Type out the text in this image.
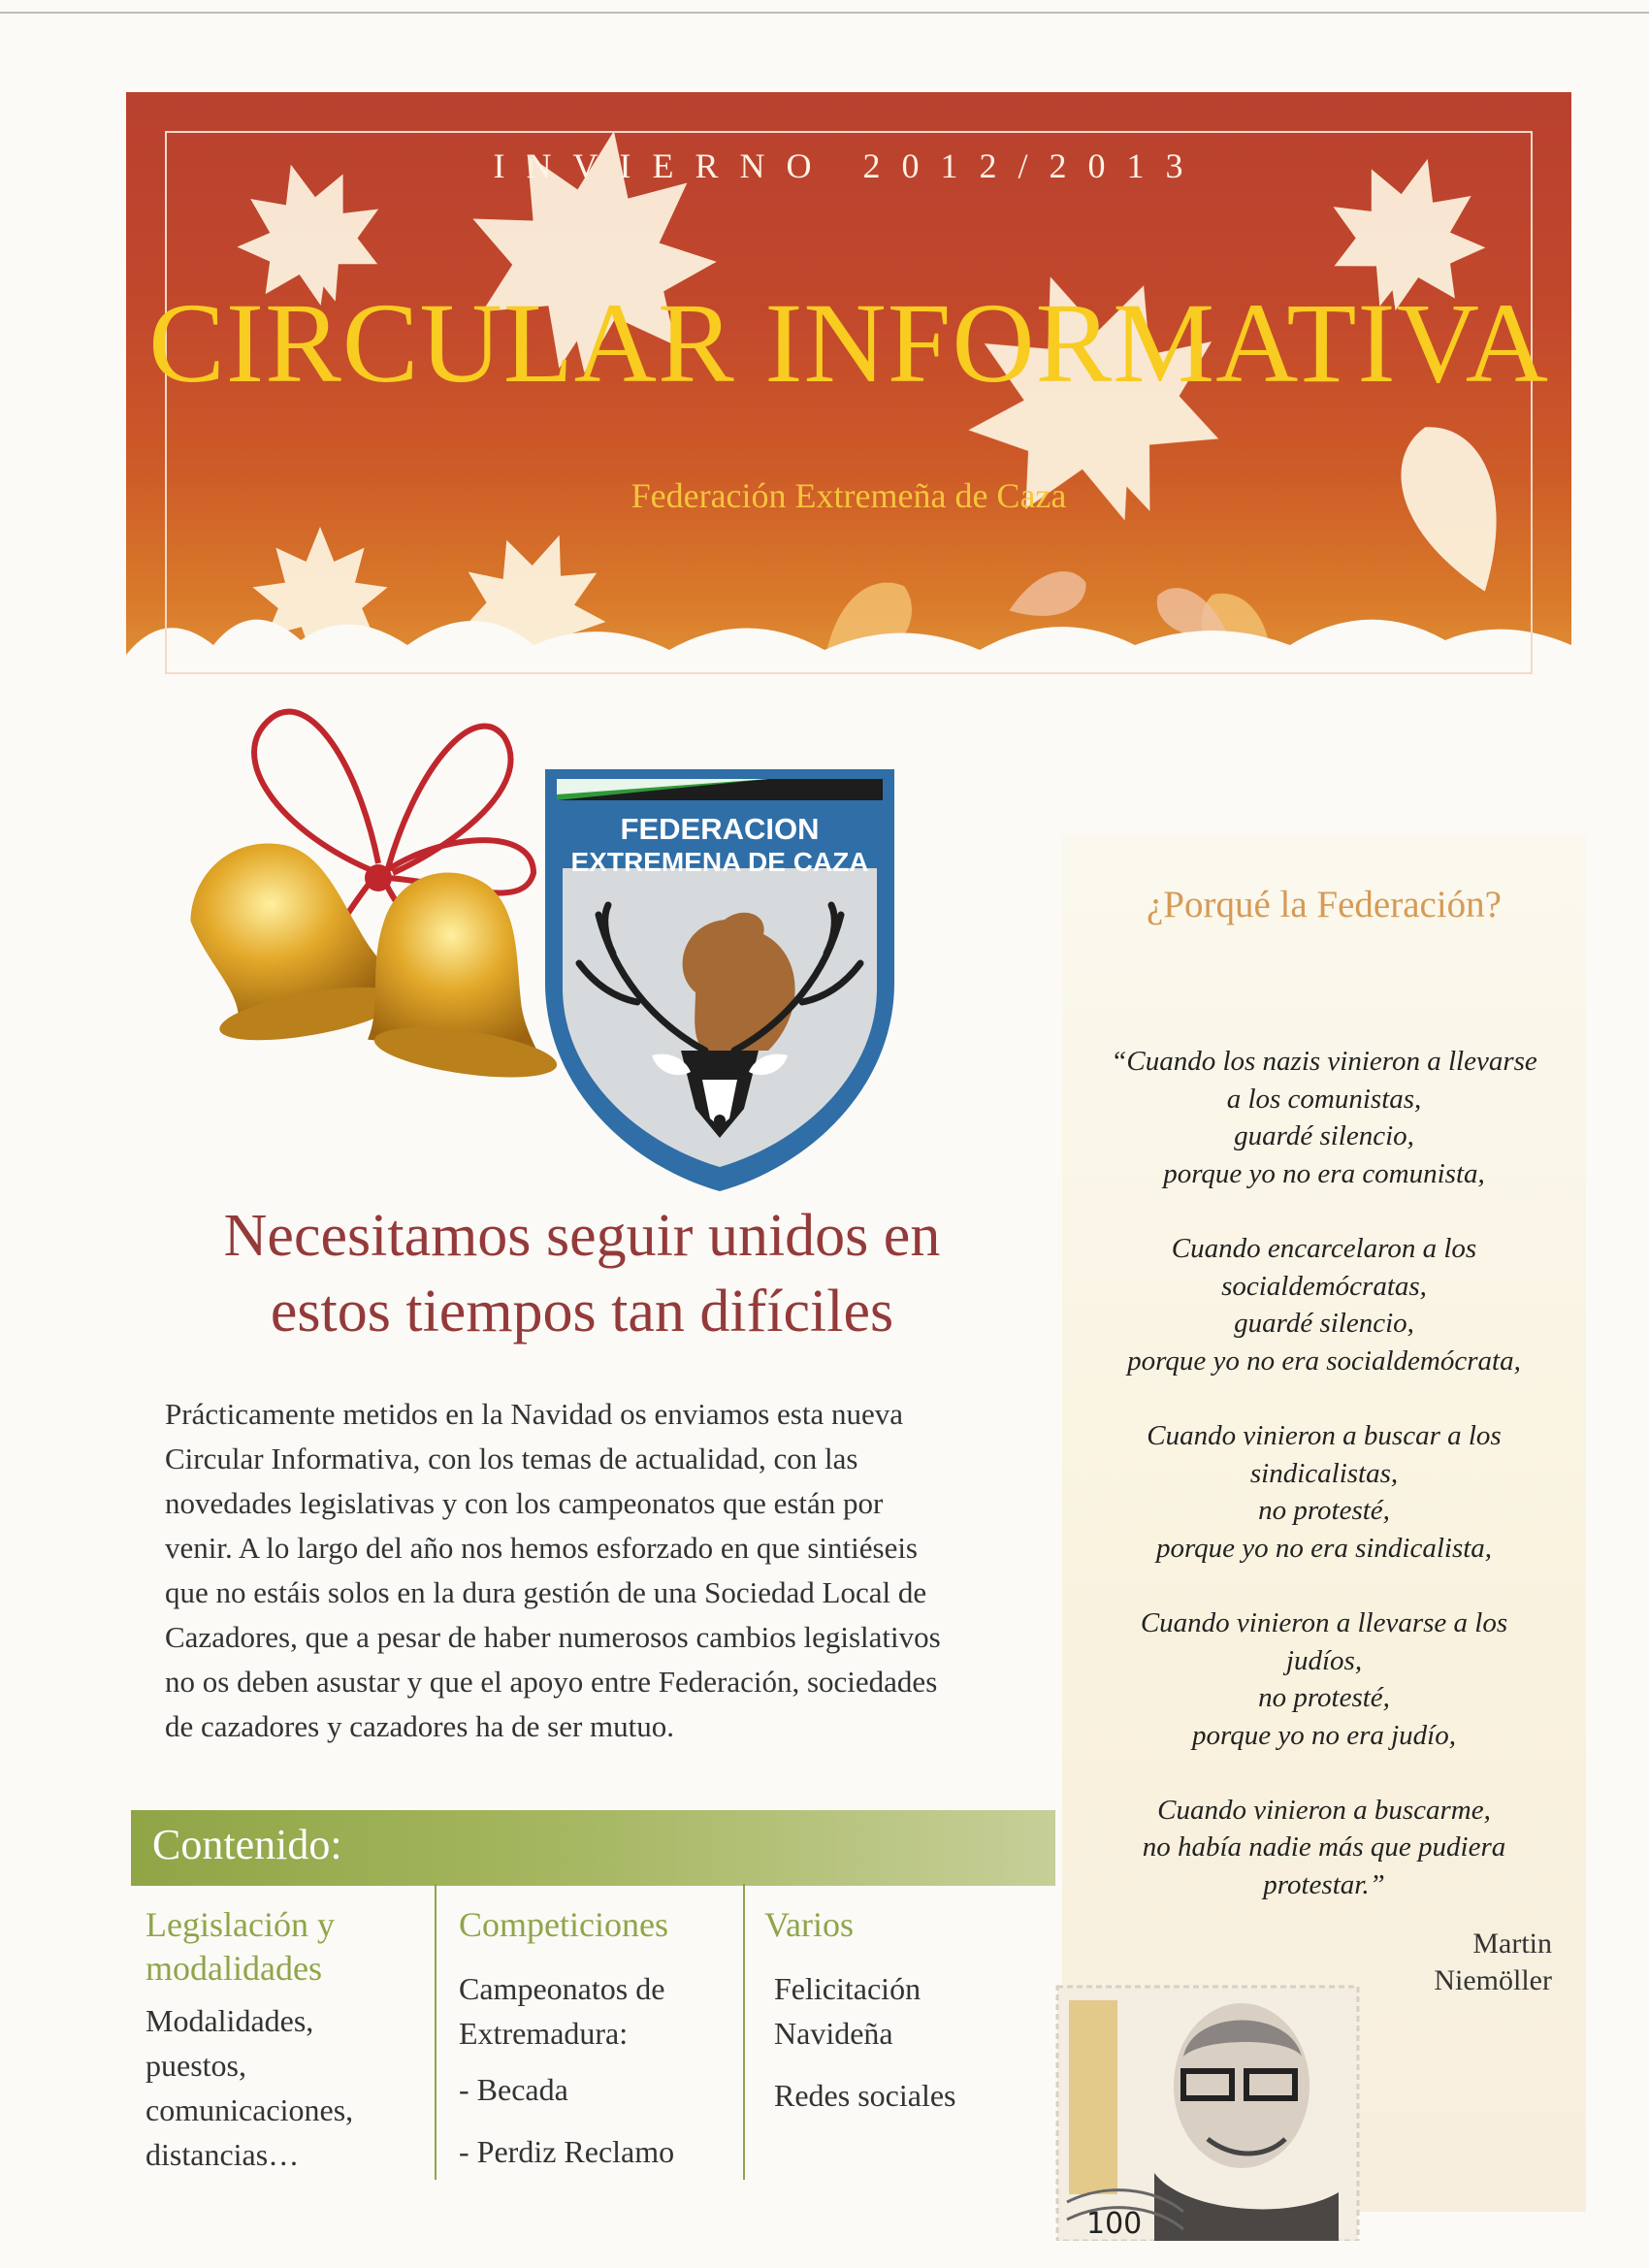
INVIERNO 2012/2013
CIRCULAR INFORMATIVA
Federación Extremeña de Caza
FEDERACION
EXTREMENA DE CAZA
Necesitamos seguir unidos en
estos tiempos tan difíciles
Prácticamente metidos en la Navidad os enviamos esta nueva
Circular Informativa, con los temas de actualidad, con las
novedades legislativas y con los campeonatos que están por
venir. A lo largo del año nos hemos esforzado en que sintiéseis
que no estáis solos en la dura gestión de una Sociedad Local de
Cazadores, que a pesar de haber numerosos cambios legislativos
no os deben asustar y que el apoyo entre Federación, sociedades
de cazadores y cazadores ha de ser mutuo.
Contenido:
Legislación y
modalidades
Modalidades,
puestos,
comunicaciones,
distancias…
Competiciones
Campeonatos de
Extremadura:
- Becada
- Perdiz Reclamo
Varios
Felicitación
Navideña
Redes sociales
¿Porqué la Federación?
“Cuando los nazis vinieron a llevarse
a los comunistas,
guardé silencio,
porque yo no era comunista,
Cuando encarcelaron a los
socialdemócratas,
guardé silencio,
porque yo no era socialdemócrata,
Cuando vinieron a buscar a los
sindicalistas,
no protesté,
porque yo no era sindicalista,
Cuando vinieron a llevarse a los
judíos,
no protesté,
porque yo no era judío,
Cuando vinieron a buscarme,
no había nadie más que pudiera
protestar.”
Martin
Niemöller
100
